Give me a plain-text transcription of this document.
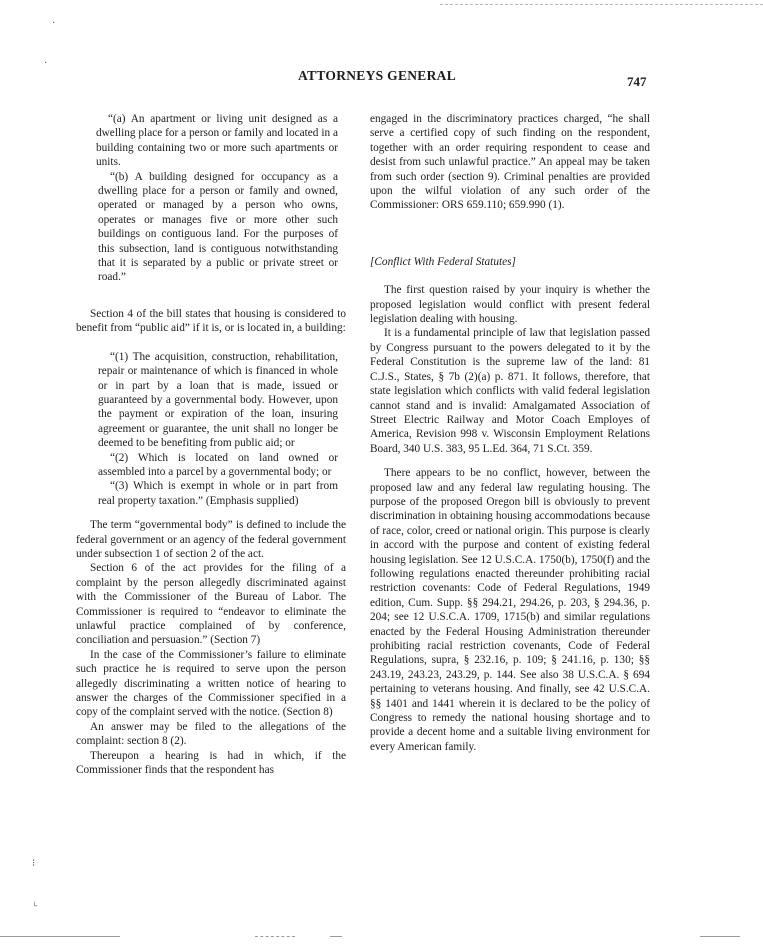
·
·
⁝
˪
ATTORNEYS GENERAL	747

“(a) An apartment or living unit designed as a dwelling place for a person or family and located in a building containing two or more such apartments or units.

“(b) A building designed for occupancy as a dwelling place for a person or family and owned, operated or managed by a person who owns, operates or manages five or more other such buildings on contiguous land. For the purposes of this subsection, land is contiguous notwithstanding that it is separated by a public or private street or road.”

Section 4 of the bill states that housing is considered to benefit from “public aid” if it is, or is located in, a building:

“(1) The acquisition, construction, rehabilitation, repair or maintenance of which is financed in whole or in part by a loan that is made, issued or guaranteed by a governmental body. However, upon the payment or expiration of the loan, insuring agreement or guarantee, the unit shall no longer be deemed to be benefiting from public aid; or

“(2) Which is located on land owned or assembled into a parcel by a governmental body; or

“(3) Which is exempt in whole or in part from real property taxation.” (Emphasis supplied)

The term “governmental body” is defined to include the federal government or an agency of the federal government under subsection 1 of section 2 of the act.

Section 6 of the act provides for the filing of a complaint by the person allegedly discriminated against with the Commissioner of the Bureau of Labor. The Commissioner is required to “endeavor to eliminate the unlawful practice complained of by conference, conciliation and persuasion.” (Section 7)

In the case of the Commissioner’s failure to eliminate such practice he is required to serve upon the person allegedly discriminating a written notice of hearing to answer the charges of the Commissioner specified in a copy of the complaint served with the notice. (Section 8)

An answer may be filed to the allegations of the complaint: section 8 (2).

Thereupon a hearing is had in which, if the Commissioner finds that the respondent has

engaged in the discriminatory practices charged, “he shall serve a certified copy of such finding on the respondent, together with an order requiring respondent to cease and desist from such unlawful practice.” An appeal may be taken from such order (section 9). Criminal penalties are provided upon the wilful violation of any such order of the Commissioner: ORS 659.110; 659.990 (1).

[Conflict With Federal Statutes]

The first question raised by your inquiry is whether the proposed legislation would conflict with present federal legislation dealing with housing.

It is a fundamental principle of law that legislation passed by Congress pursuant to the powers delegated to it by the Federal Constitution is the supreme law of the land: 81 C.J.S., States, § 7b (2)(a) p. 871. It follows, therefore, that state legislation which conflicts with valid federal legislation cannot stand and is invalid: Amalgamated Association of Street Electric Railway and Motor Coach Employes of America, Revision 998 v. Wisconsin Employment Relations Board, 340 U.S. 383, 95 L.Ed. 364, 71 S.Ct. 359.

There appears to be no conflict, however, between the proposed law and any federal law regulating housing. The purpose of the proposed Oregon bill is obviously to prevent discrimination in obtaining housing accommodations because of race, color, creed or national origin. This purpose is clearly in accord with the purpose and content of existing federal housing legislation. See 12 U.S.C.A. 1750(b), 1750(f) and the following regulations enacted thereunder prohibiting racial restriction covenants: Code of Federal Regulations, 1949 edition, Cum. Supp. §§ 294.21, 294.26, p. 203, § 294.36, p. 204; see 12 U.S.C.A. 1709, 1715(b) and similar regulations enacted by the Federal Housing Administration thereunder prohibiting racial restriction covenants, Code of Federal Regulations, supra, § 232.16, p. 109; § 241.16, p. 130; §§ 243.19, 243.23, 243.29, p. 144. See also 38 U.S.C.A. § 694 pertaining to veterans housing. And finally, see 42 U.S.C.A. §§ 1401 and 1441 wherein it is declared to be the policy of Congress to remedy the national housing shortage and to provide a decent home and a suitable living environment for every American family.
